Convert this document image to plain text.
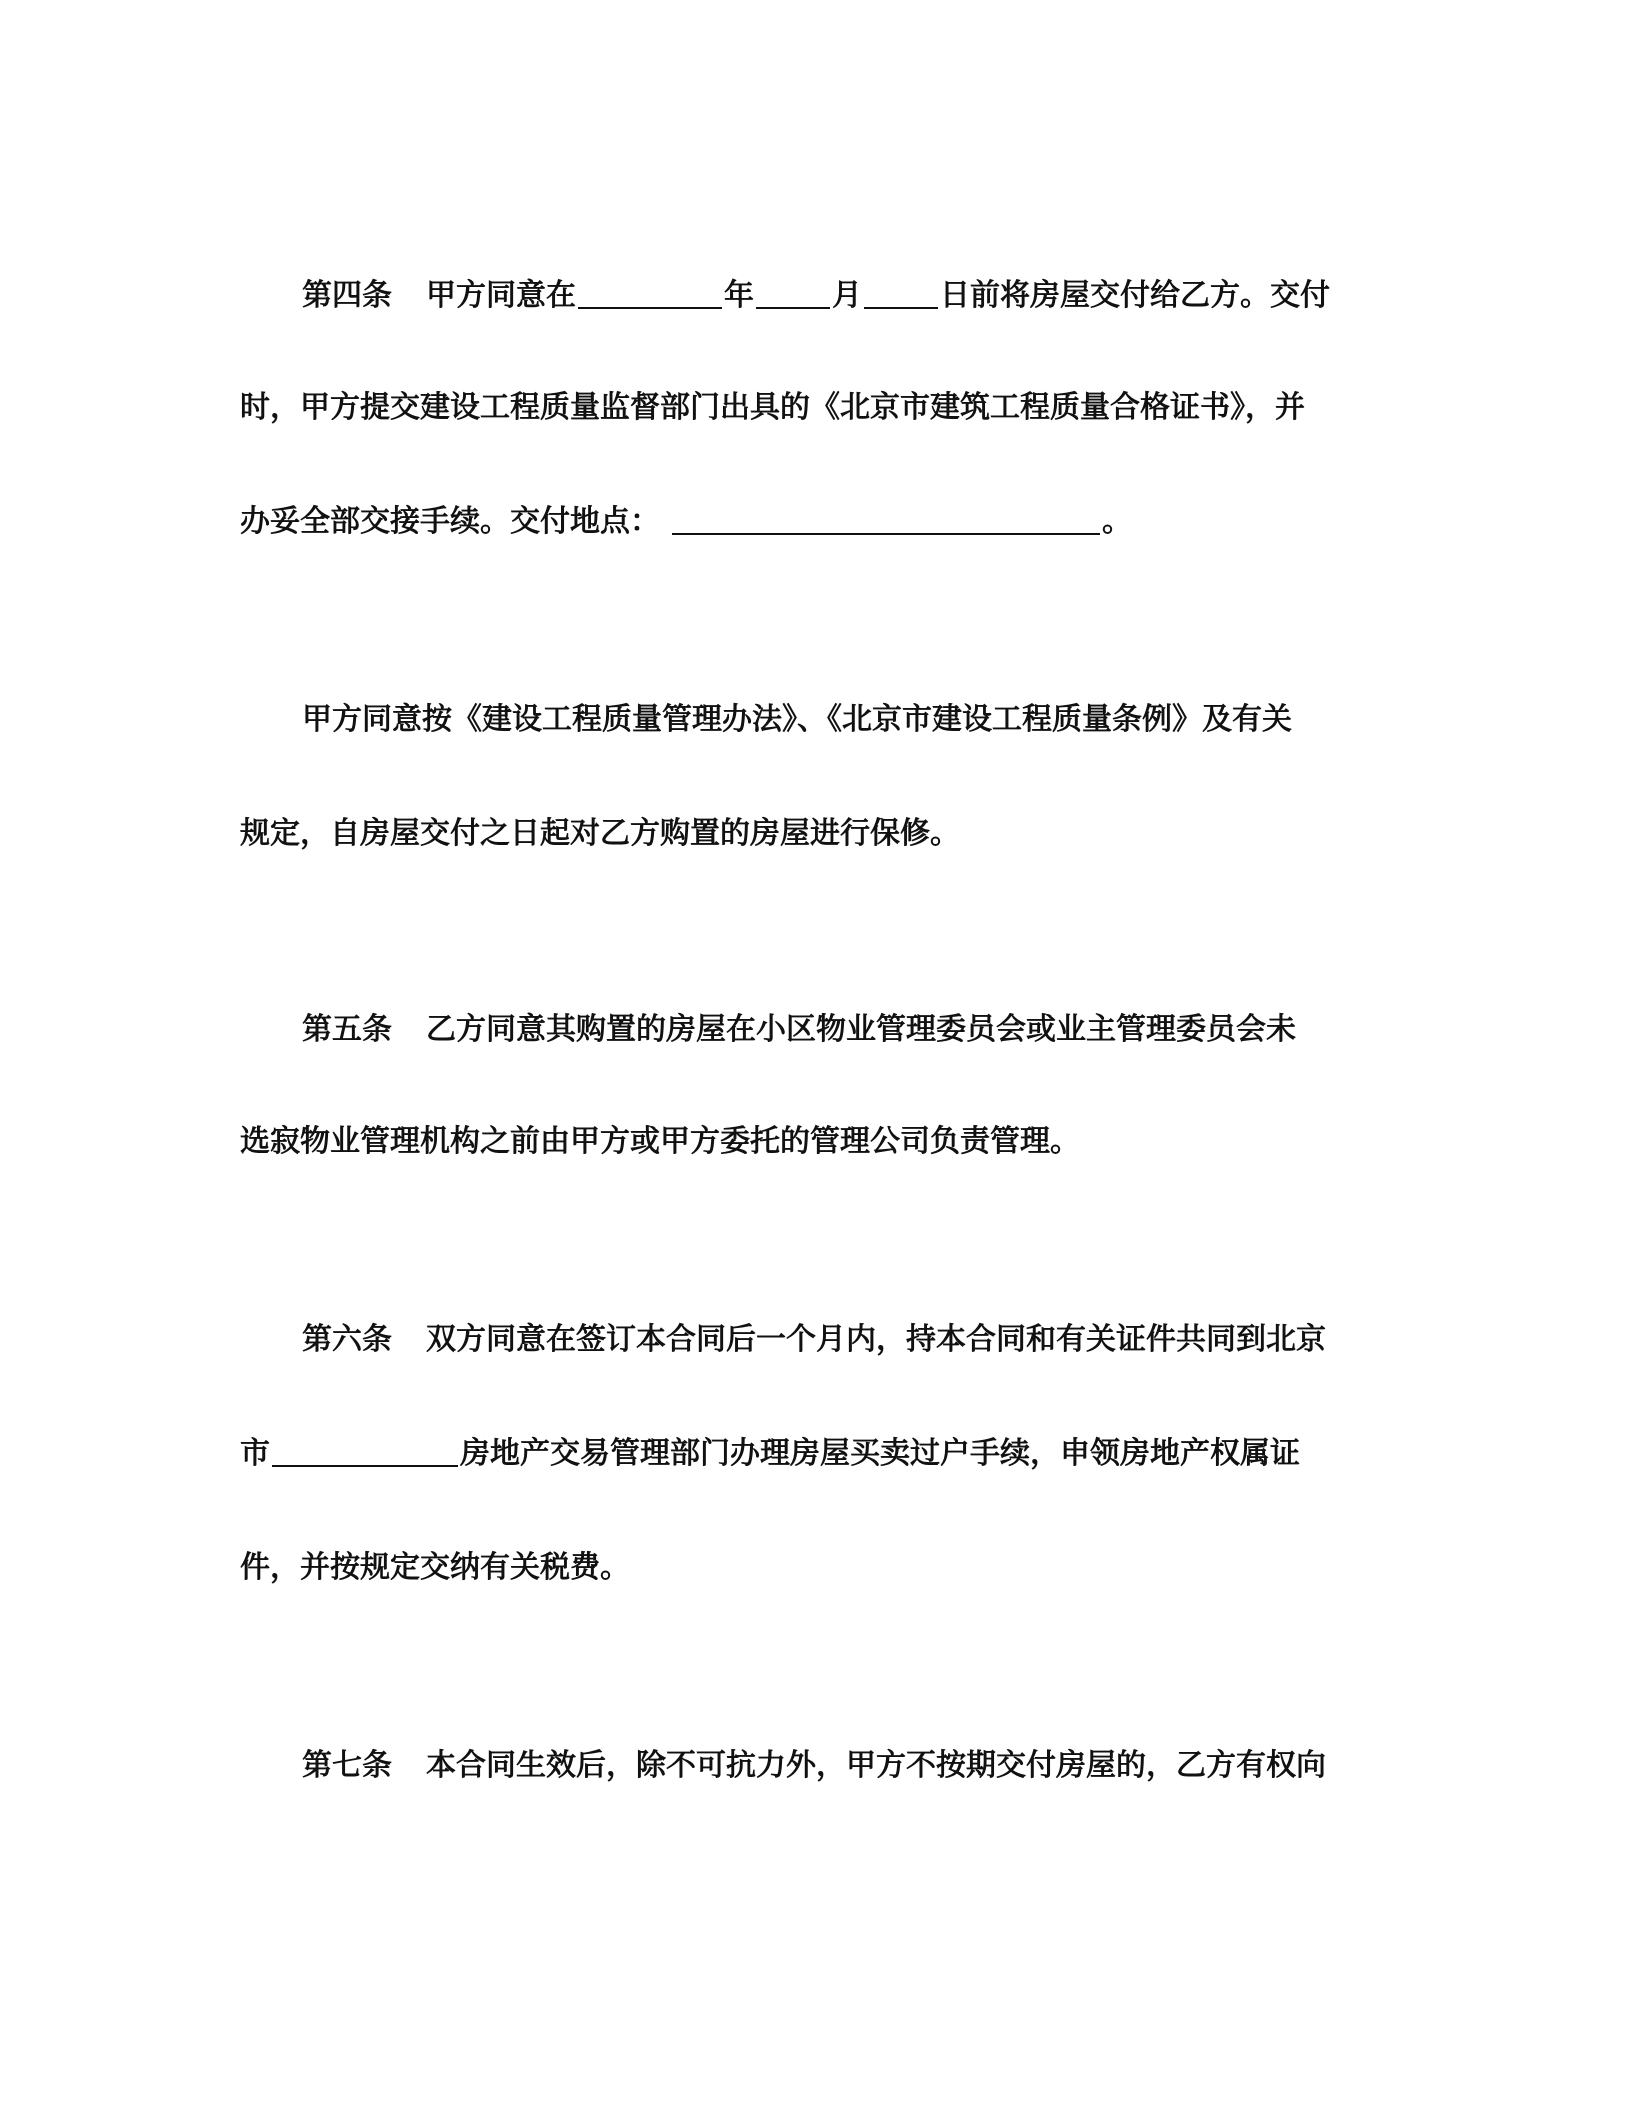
第四条 甲方同意在	年	月	日前将房屋交付给乙方。交付
时，甲方提交建设工程质量监督部门出具的《北京市建筑工程质量合格证书》，并
办妥全部交接手续。交付地点：	。
甲方同意按《建设工程质量管理办法》、《北京市建设工程质量条例》及有关
规定，自房屋交付之日起对乙方购置的房屋进行保修。
第五条 乙方同意其购置的房屋在小区物业管理委员会或业主管理委员会未
选寂物业管理机构之前由甲方或甲方委托的管理公司负责管理。
第六条 双方同意在签订本合同后一个月内，持本合同和有关证件共同到北京
市	房地产交易管理部门办理房屋买卖过户手续，申领房地产权属证
件，并按规定交纳有关税费。
第七条 本合同生效后，除不可抗力外，甲方不按期交付房屋的，乙方有权向
